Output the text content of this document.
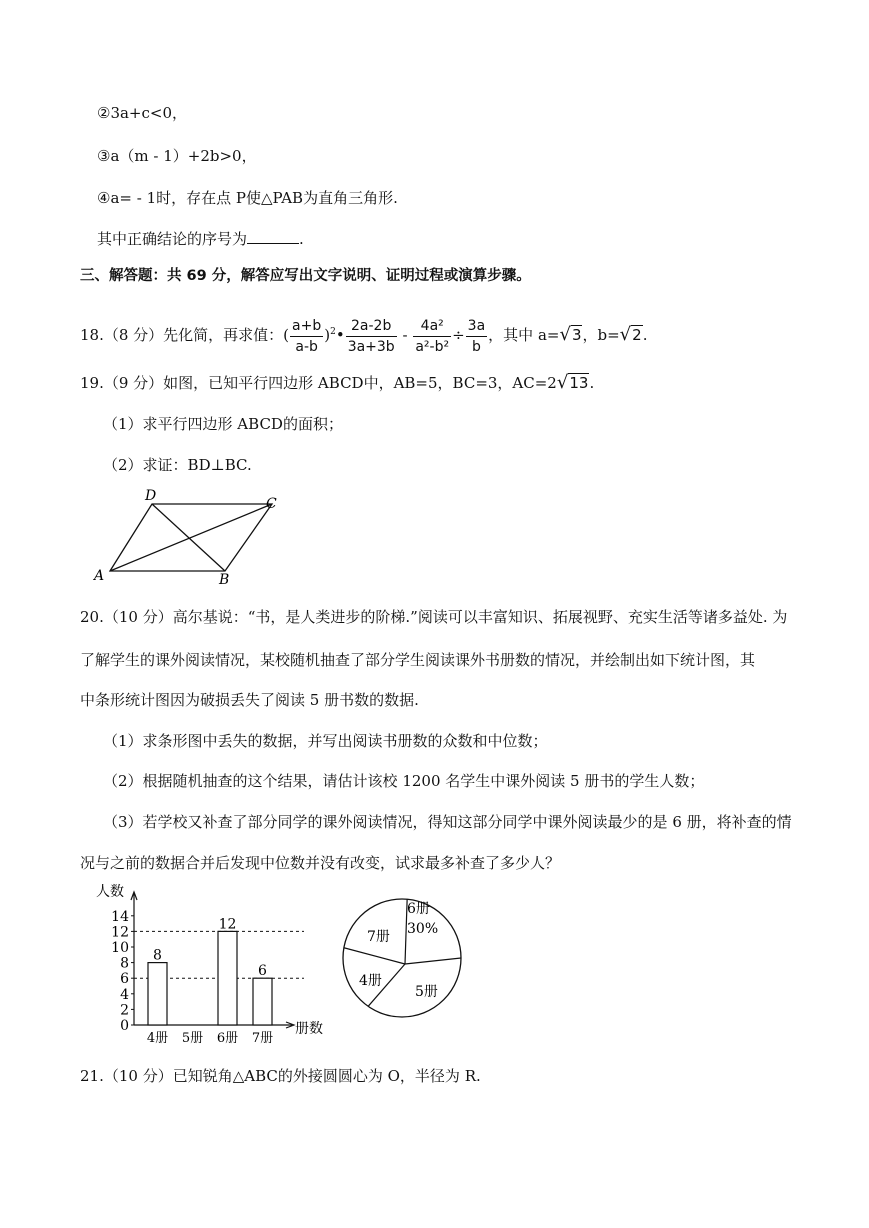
②3a+c<0，
③a（m - 1）+2b>0，
④a= - 1时，存在点 P使△PAB为直角三角形.
其中正确结论的序号为	.
三、解答题：共 69 分，解答应写出文字说明、证明过程或演算步骤。
18.（8 分）先化简，再求值：( $\frac{a+b}{a-b}$ )$^2$• $\frac{2a-2b}{3a+3b} - \frac{\text{4a²}}{\text{a²-b²}} \div \frac{3a}{b}$ ，其中 a=√3，b=√2.
19.（9 分）如图，已知平行四边形 ABCD中，AB=5，BC=3，AC=2√13.
（1）求平行四边形 ABCD的面积；
（2）求证：BD⊥BC.
A	B
C
D
20.（10 分）高尔基说：“书，是人类进步的阶梯.”阅读可以丰富知识、拓展视野、充实生活等诸多益处. 为
了解学生的课外阅读情况，某校随机抽查了部分学生阅读课外书册数的情况，并绘制出如下统计图，其
中条形统计图因为破损丢失了阅读 5 册书数的数据.
（1）求条形图中丢失的数据，并写出阅读书册数的众数和中位数；
（2）根据随机抽查的这个结果，请估计该校 1200 名学生中课外阅读 5 册书的学生人数；
（3）若学校又补查了部分同学的课外阅读情况，得知这部分同学中课外阅读最少的是 6 册，将补查的情
况与之前的数据合并后发现中位数并没有改变，试求最多补查了多少人？
人数
册数
0
2
4
6
8
10
12
14
8
4册 5册
12
6册
6
7册
6册
30%
5册
4册
7册
21.（10 分）已知锐角△ABC的外接圆圆心为 O，半径为 R.
